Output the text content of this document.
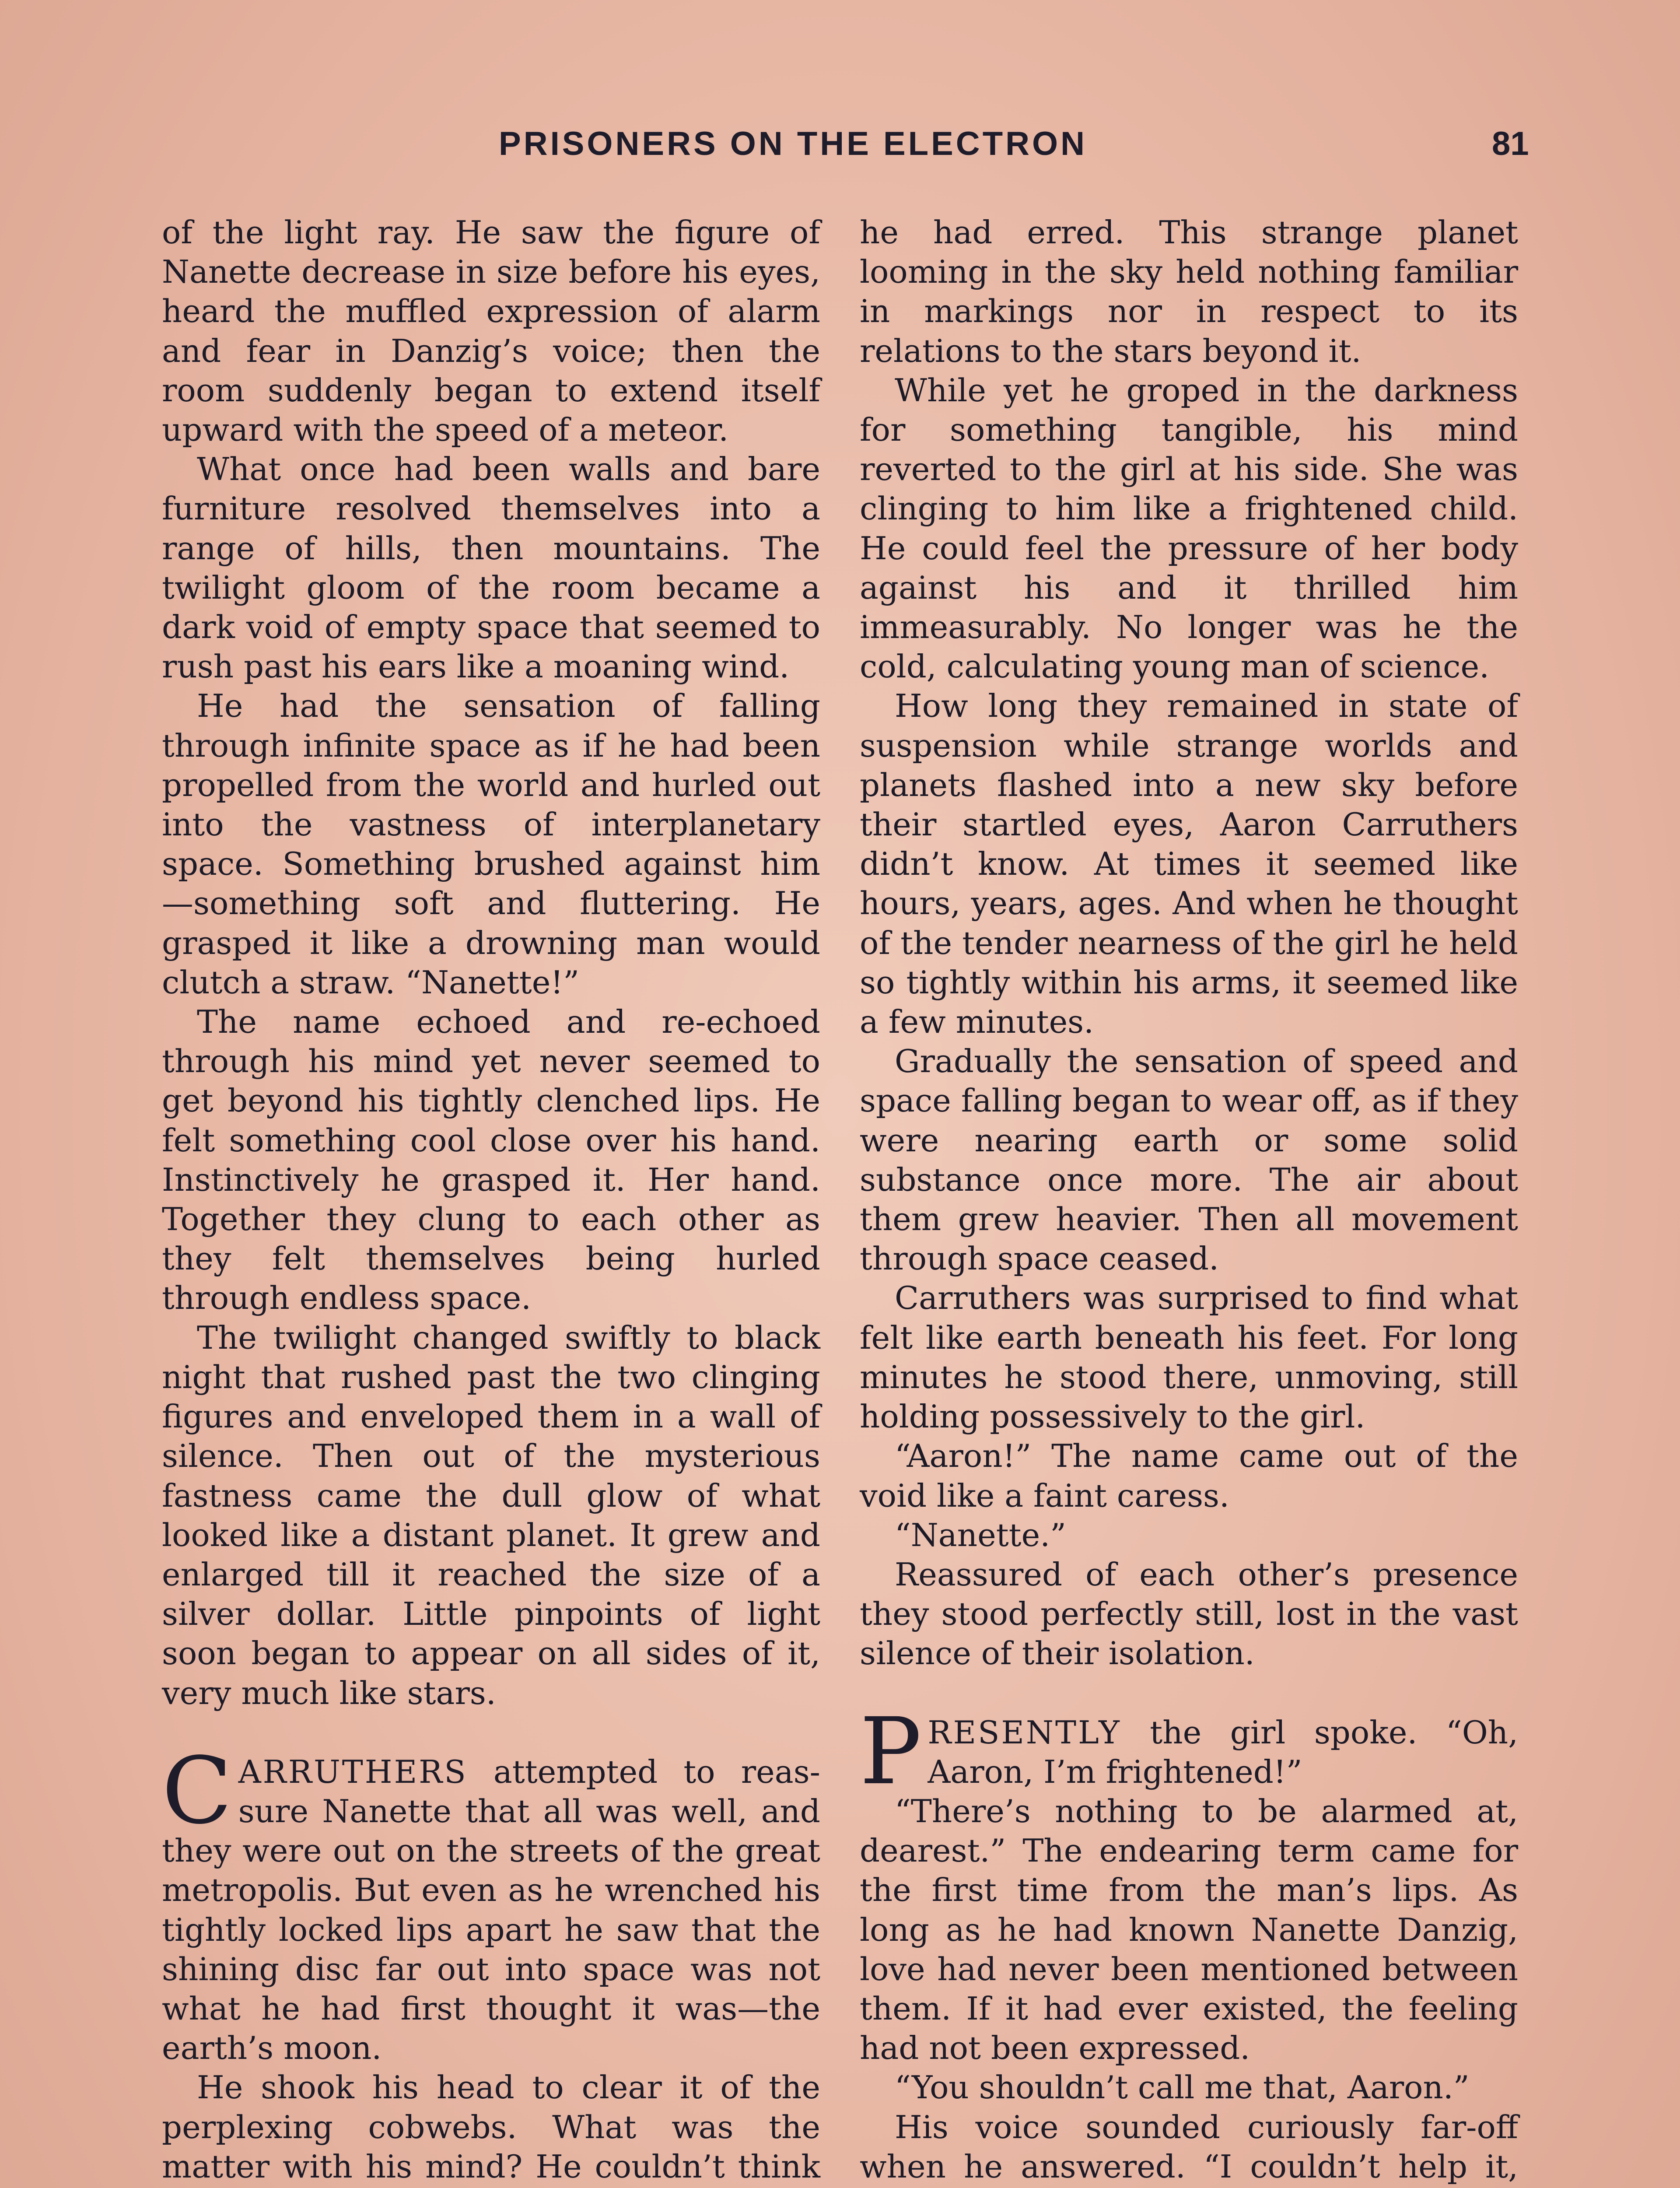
PRISONERS ON THE ELECTRON	81

of the light ray. He saw the figure of Nanette decrease in size before his eyes, heard the muffled expression of alarm and fear in Danzig’s voice; then the room suddenly began to extend itself upward with the speed of a meteor.

What once had been walls and bare furniture resolved themselves into a range of hills, then mountains. The twilight gloom of the room became a dark void of empty space that seemed to rush past his ears like a moaning wind.

He had the sensation of falling through infinite space as if he had been propelled from the world and hurled out into the vastness of interplanetary space. Something brushed against him —something soft and fluttering. He grasped it like a drowning man would clutch a straw. “Nanette!”

The name echoed and re-echoed through his mind yet never seemed to get beyond his tightly clenched lips. He felt something cool close over his hand. Instinctively he grasped it. Her hand. Together they clung to each other as they felt themselves being hurled through endless space.

The twilight changed swiftly to black night that rushed past the two clinging figures and enveloped them in a wall of silence. Then out of the mysterious fastness came the dull glow of what looked like a distant planet. It grew and enlarged till it reached the size of a silver dollar. Little pinpoints of light soon began to appear on all sides of it, very much like stars.

CARRUTHERS attempted to reassure Nanette that all was well, and they were out on the streets of the great metropolis. But even as he wrenched his tightly locked lips apart he saw that the shining disc far out into space was not what he had first thought it was—the earth’s moon.

He shook his head to clear it of the perplexing cobwebs. What was the matter with his mind? He couldn’t think

he had erred. This strange planet looming in the sky held nothing familiar in markings nor in respect to its relations to the stars beyond it.

While yet he groped in the darkness for something tangible, his mind reverted to the girl at his side. She was clinging to him like a frightened child. He could feel the pressure of her body against his and it thrilled him immeasurably. No longer was he the cold, calculating young man of science.

How long they remained in state of suspension while strange worlds and planets flashed into a new sky before their startled eyes, Aaron Carruthers didn’t know. At times it seemed like hours, years, ages. And when he thought of the tender nearness of the girl he held so tightly within his arms, it seemed like a few minutes.

Gradually the sensation of speed and space falling began to wear off, as if they were nearing earth or some solid substance once more. The air about them grew heavier. Then all movement through space ceased.

Carruthers was surprised to find what felt like earth beneath his feet. For long minutes he stood there, unmoving, still holding possessively to the girl.

“Aaron!” The name came out of the void like a faint caress.

“Nanette.”

Reassured of each other’s presence they stood perfectly still, lost in the vast silence of their isolation.

PRESENTLY the girl spoke. “Oh, Aaron, I’m frightened!”

“There’s nothing to be alarmed at, dearest.” The endearing term came for the first time from the man’s lips. As long as he had known Nanette Danzig, love had never been mentioned between them. If it had ever existed, the feeling had not been expressed.

“You shouldn’t call me that, Aaron.”

His voice sounded curiously far-off when he answered. “I couldn’t help it,
